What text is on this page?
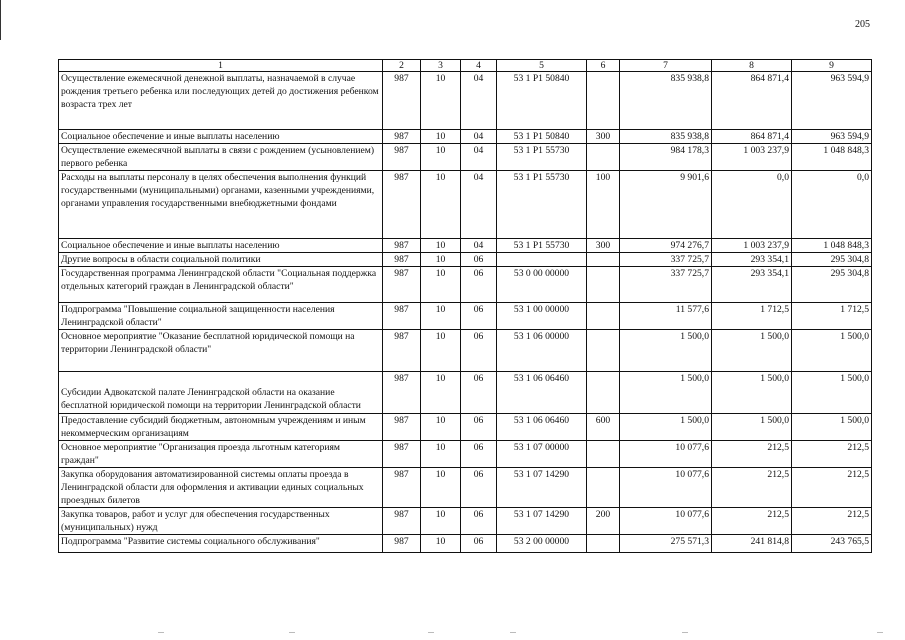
205
1	2	3	4	5	6	7	8	9
Осуществление ежемесячной денежной выплаты, назначаемой в случае рождения третьего ребенка или последующих детей до достижения ребенком возраста трех лет	987	10	04	53 1 P1 50840		835 938,8	864 871,4	963 594,9
Социальное обеспечение и иные выплаты населению	987	10	04	53 1 P1 50840	300	835 938,8	864 871,4	963 594,9
Осуществление ежемесячной выплаты в связи с рождением (усыновлением) первого ребенка	987	10	04	53 1 P1 55730		984 178,3	1 003 237,9	1 048 848,3
Расходы на выплаты персоналу в целях обеспечения выполнения функций государственными (муниципальными) органами, казенными учреждениями, органами управления государственными внебюджетными фондами	987	10	04	53 1 P1 55730	100	9 901,6	0,0	0,0
Социальное обеспечение и иные выплаты населению	987	10	04	53 1 P1 55730	300	974 276,7	1 003 237,9	1 048 848,3
Другие вопросы в области социальной политики	987	10	06			337 725,7	293 354,1	295 304,8
Государственная программа Ленинградской области "Социальная поддержка отдельных категорий граждан в Ленинградской области"	987	10	06	53 0 00 00000		337 725,7	293 354,1	295 304,8
Подпрограмма "Повышение социальной защищенности населения Ленинградской области"	987	10	06	53 1 00 00000		11 577,6	1 712,5	1 712,5
Основное мероприятие "Оказание бесплатной юридической помощи на территории Ленинградской области"	987	10	06	53 1 06 00000		1 500,0	1 500,0	1 500,0
Субсидии Адвокатской палате Ленинградской области на оказание бесплатной юридической помощи на территории Ленинградской области	987	10	06	53 1 06 06460		1 500,0	1 500,0	1 500,0
Предоставление субсидий бюджетным, автономным учреждениям и иным некоммерческим организациям	987	10	06	53 1 06 06460	600	1 500,0	1 500,0	1 500,0
Основное мероприятие "Организация проезда льготным категориям граждан"	987	10	06	53 1 07 00000		10 077,6	212,5	212,5
Закупка оборудования автоматизированной системы оплаты проезда в Ленинградской области для оформления и активации единых социальных проездных билетов	987	10	06	53 1 07 14290		10 077,6	212,5	212,5
Закупка товаров, работ и услуг для обеспечения государственных (муниципальных) нужд	987	10	06	53 1 07 14290	200	10 077,6	212,5	212,5
Подпрограмма "Развитие системы социального обслуживания"	987	10	06	53 2 00 00000		275 571,3	241 814,8	243 765,5
